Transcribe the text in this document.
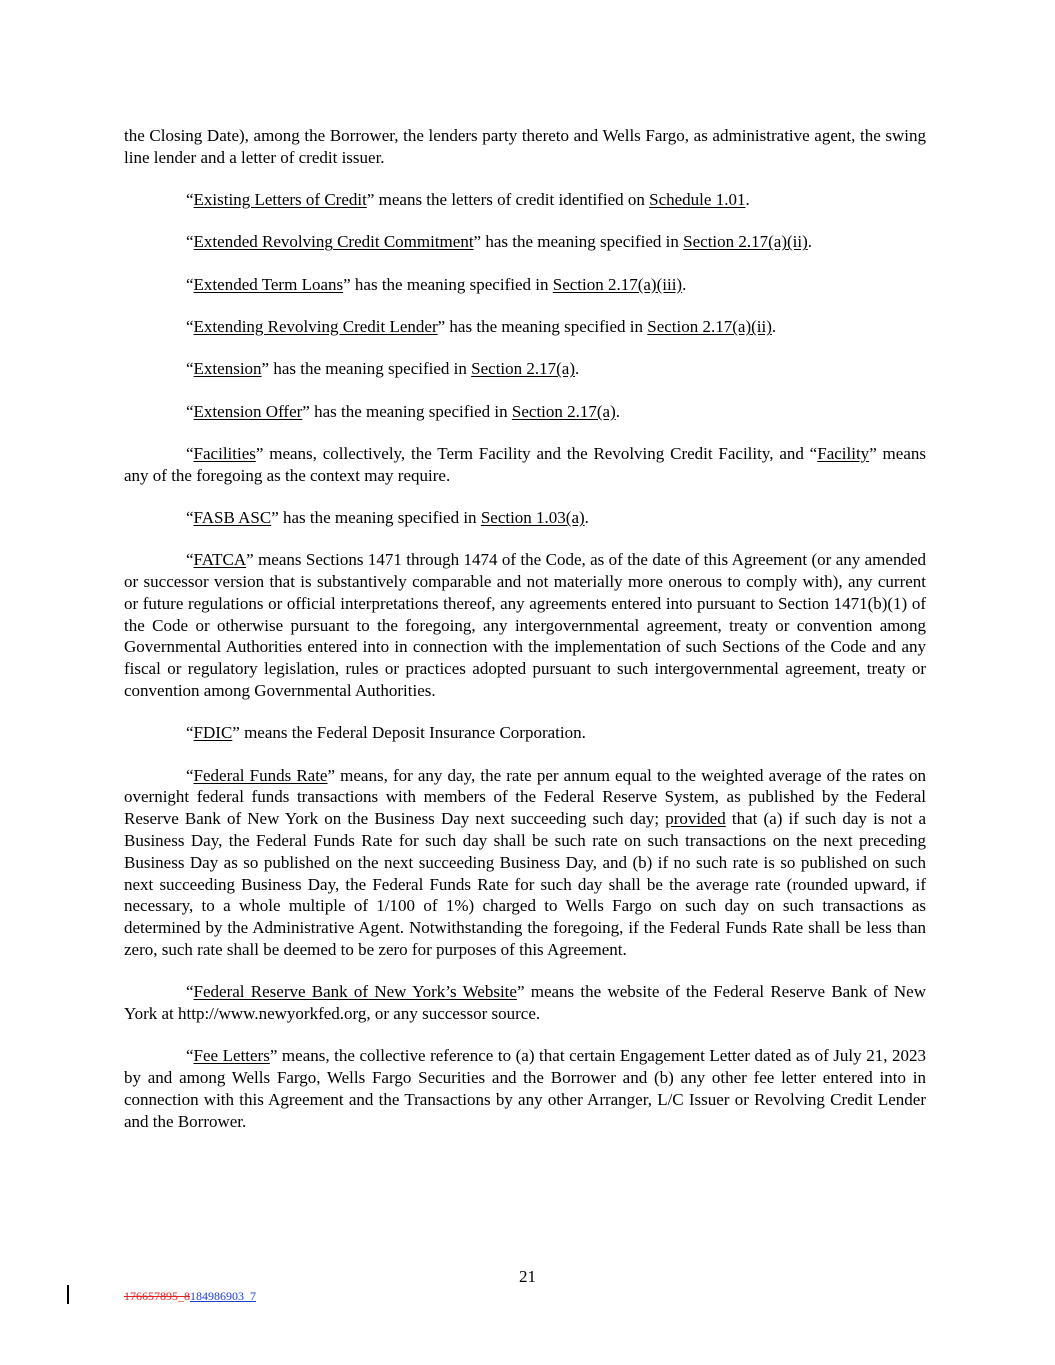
the Closing Date), among the Borrower, the lenders party thereto and Wells Fargo, as administrative agent, the swing line lender and a letter of credit issuer.

“Existing Letters of Credit” means the letters of credit identified on Schedule 1.01.

“Extended Revolving Credit Commitment” has the meaning specified in Section 2.17(a)(ii).

“Extended Term Loans” has the meaning specified in Section 2.17(a)(iii).

“Extending Revolving Credit Lender” has the meaning specified in Section 2.17(a)(ii).

“Extension” has the meaning specified in Section 2.17(a).

“Extension Offer” has the meaning specified in Section 2.17(a).

“Facilities” means, collectively, the Term Facility and the Revolving Credit Facility, and “Facility” means any of the foregoing as the context may require.

“FASB ASC” has the meaning specified in Section 1.03(a).

“FATCA” means Sections 1471 through 1474 of the Code, as of the date of this Agreement (or any amended or successor version that is substantively comparable and not materially more onerous to comply with), any current or future regulations or official interpretations thereof, any agreements entered into pursuant to Section 1471(b)(1) of the Code or otherwise pursuant to the foregoing, any intergovernmental agreement, treaty or convention among Governmental Authorities entered into in connection with the implementation of such Sections of the Code and any fiscal or regulatory legislation, rules or practices adopted pursuant to such intergovernmental agreement, treaty or convention among Governmental Authorities.

“FDIC” means the Federal Deposit Insurance Corporation.

“Federal Funds Rate” means, for any day, the rate per annum equal to the weighted average of the rates on overnight federal funds transactions with members of the Federal Reserve System, as published by the Federal Reserve Bank of New York on the Business Day next succeeding such day; provided that (a) if such day is not a Business Day, the Federal Funds Rate for such day shall be such rate on such transactions on the next preceding Business Day as so published on the next succeeding Business Day, and (b) if no such rate is so published on such next succeeding Business Day, the Federal Funds Rate for such day shall be the average rate (rounded upward, if necessary, to a whole multiple of 1/100 of 1%) charged to Wells Fargo on such day on such transactions as determined by the Administrative Agent. Notwithstanding the foregoing, if the Federal Funds Rate shall be less than zero, such rate shall be deemed to be zero for purposes of this Agreement.

“Federal Reserve Bank of New York’s Website” means the website of the Federal Reserve Bank of New York at http://www.newyorkfed.org, or any successor source.

“Fee Letters” means, the collective reference to (a) that certain Engagement Letter dated as of July 21, 2023 by and among Wells Fargo, Wells Fargo Securities and the Borrower and (b) any other fee letter entered into in connection with this Agreement and the Transactions by any other Arranger, L/C Issuer or Revolving Credit Lender and the Borrower.

21
176657895_8184986903_7
